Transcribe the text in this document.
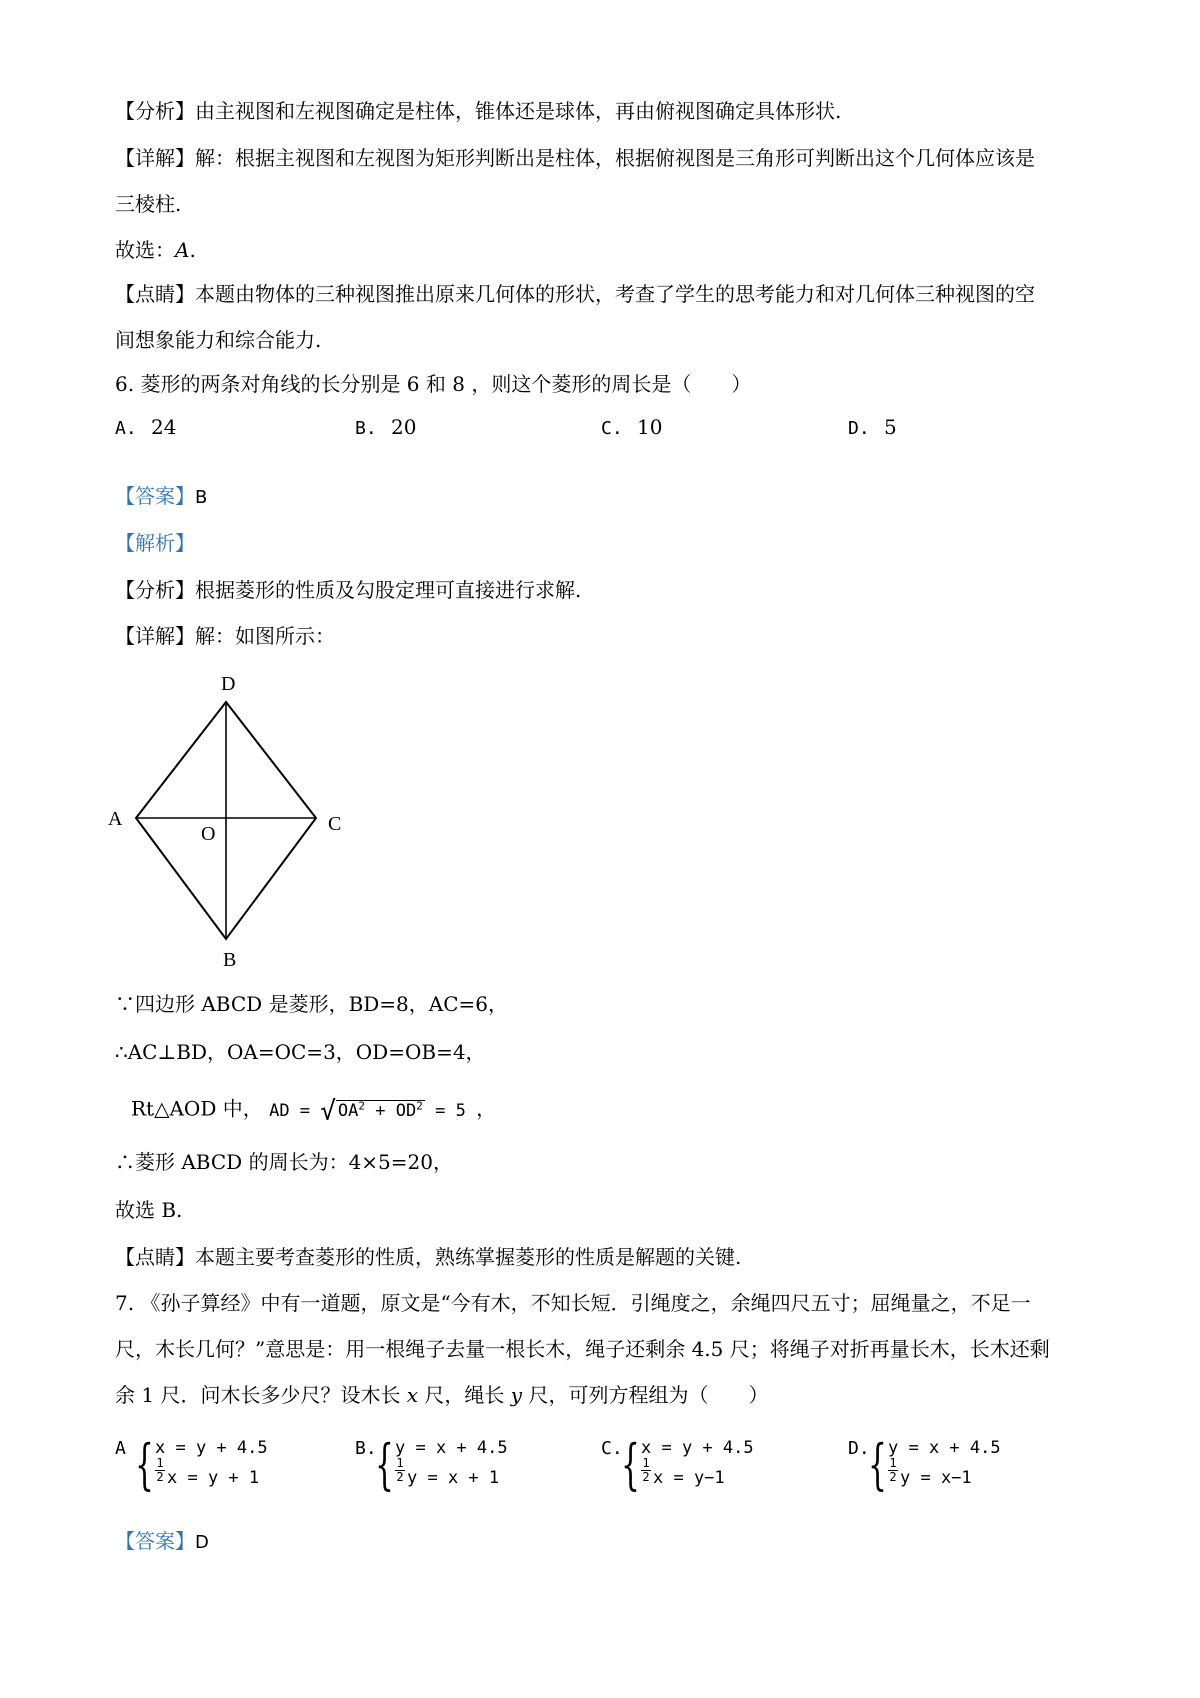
【分析】由主视图和左视图确定是柱体，锥体还是球体，再由俯视图确定具体形状.
【详解】解：根据主视图和左视图为矩形判断出是柱体，根据俯视图是三角形可判断出这个几何体应该是
三棱柱.
故选：A.
【点睛】本题由物体的三种视图推出原来几何体的形状，考查了学生的思考能力和对几何体三种视图的空
间想象能力和综合能力.
6. 菱形的两条对角线的长分别是 6 和 8 ，则这个菱形的周长是（　　）
A. 24	B. 20	C. 10	D. 5
【答案】B
【解析】
【分析】根据菱形的性质及勾股定理可直接进行求解.
【详解】解：如图所示：
D
A	C
O
B
∵四边形 ABCD 是菱形，BD=8，AC=6，
∴AC⊥BD，OA=OC=3，OD=OB=4，
Rt△AOD 中， AD = √ $OA^2 + OD^2 = 5$ ，
∴菱形 ABCD 的周长为：4×5=20，
故选 B.
【点睛】本题主要考查菱形的性质，熟练掌握菱形的性质是解题的关键.
7. 《孙子算经》中有一道题，原文是“今有木，不知长短．引绳度之，余绳四尺五寸；屈绳量之，不足一
尺，木长几何？”意思是：用一根绳子去量一根长木，绳子还剩余 4.5 尺；将绳子对折再量长木，长木还剩
余 1 尺．问木长多少尺？设木长 x 尺，绳长 y 尺，可列方程组为（　　）
A { x = y + 4.5
1
2 x = y + 1
B.
{ y = x + 4.5
1
2 y = x + 1
C.
{ x = y + 4.5
1
2 x = y−1
D.
{ y = x + 4.5
1
2 y = x−1
【答案】D
